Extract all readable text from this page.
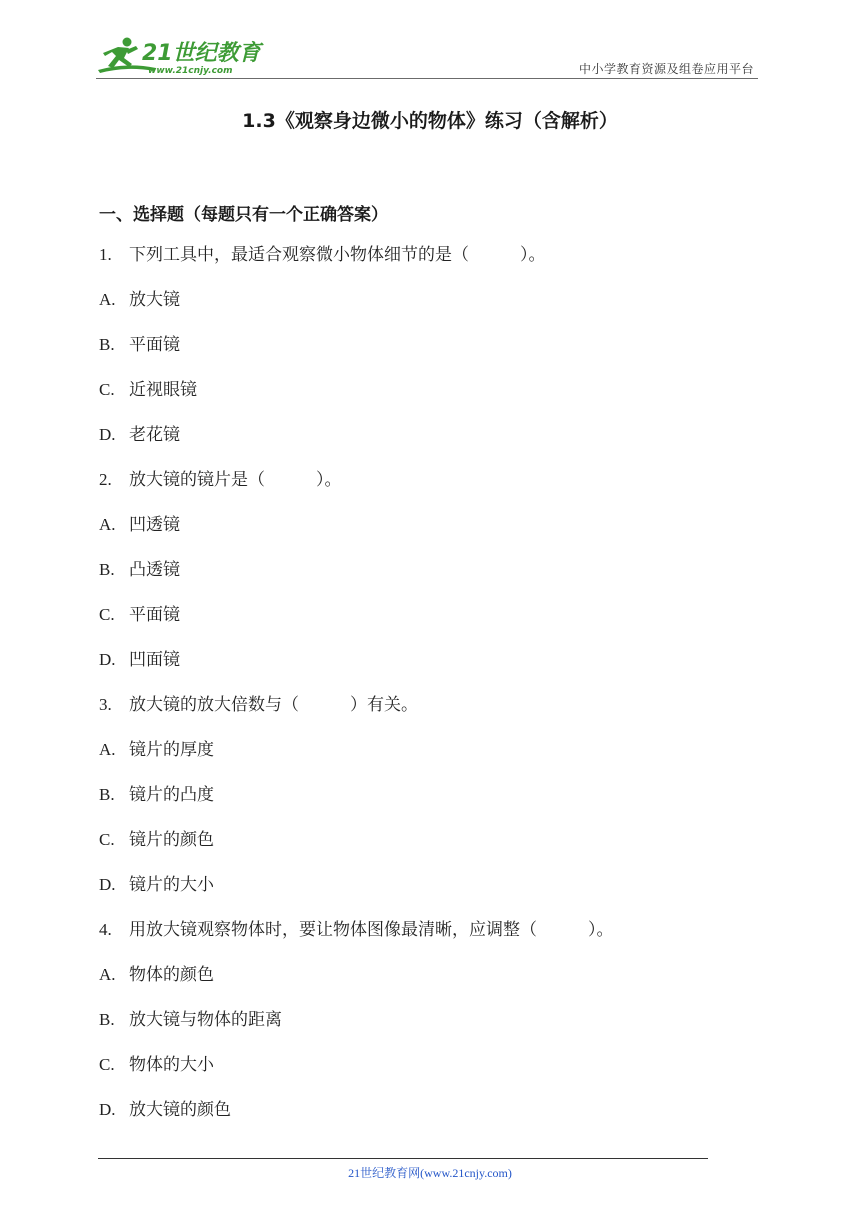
21世纪教育
www.21cnjy.com	中小学教育资源及组卷应用平台
1.3《观察身边微小的物体》练习（含解析）
一、选择题（每题只有一个正确答案）
1. 下列工具中，最适合观察微小物体细节的是（　　　）。
A. 放大镜
B. 平面镜
C. 近视眼镜
D. 老花镜
2. 放大镜的镜片是（　　　）。
A. 凹透镜
B. 凸透镜
C. 平面镜
D. 凹面镜
3. 放大镜的放大倍数与（　　　）有关。
A. 镜片的厚度
B. 镜片的凸度
C. 镜片的颜色
D. 镜片的大小
4. 用放大镜观察物体时，要让物体图像最清晰，应调整（　　　）。
A. 物体的颜色
B. 放大镜与物体的距离
C. 物体的大小
D. 放大镜的颜色
21世纪教育网(www.21cnjy.com)
